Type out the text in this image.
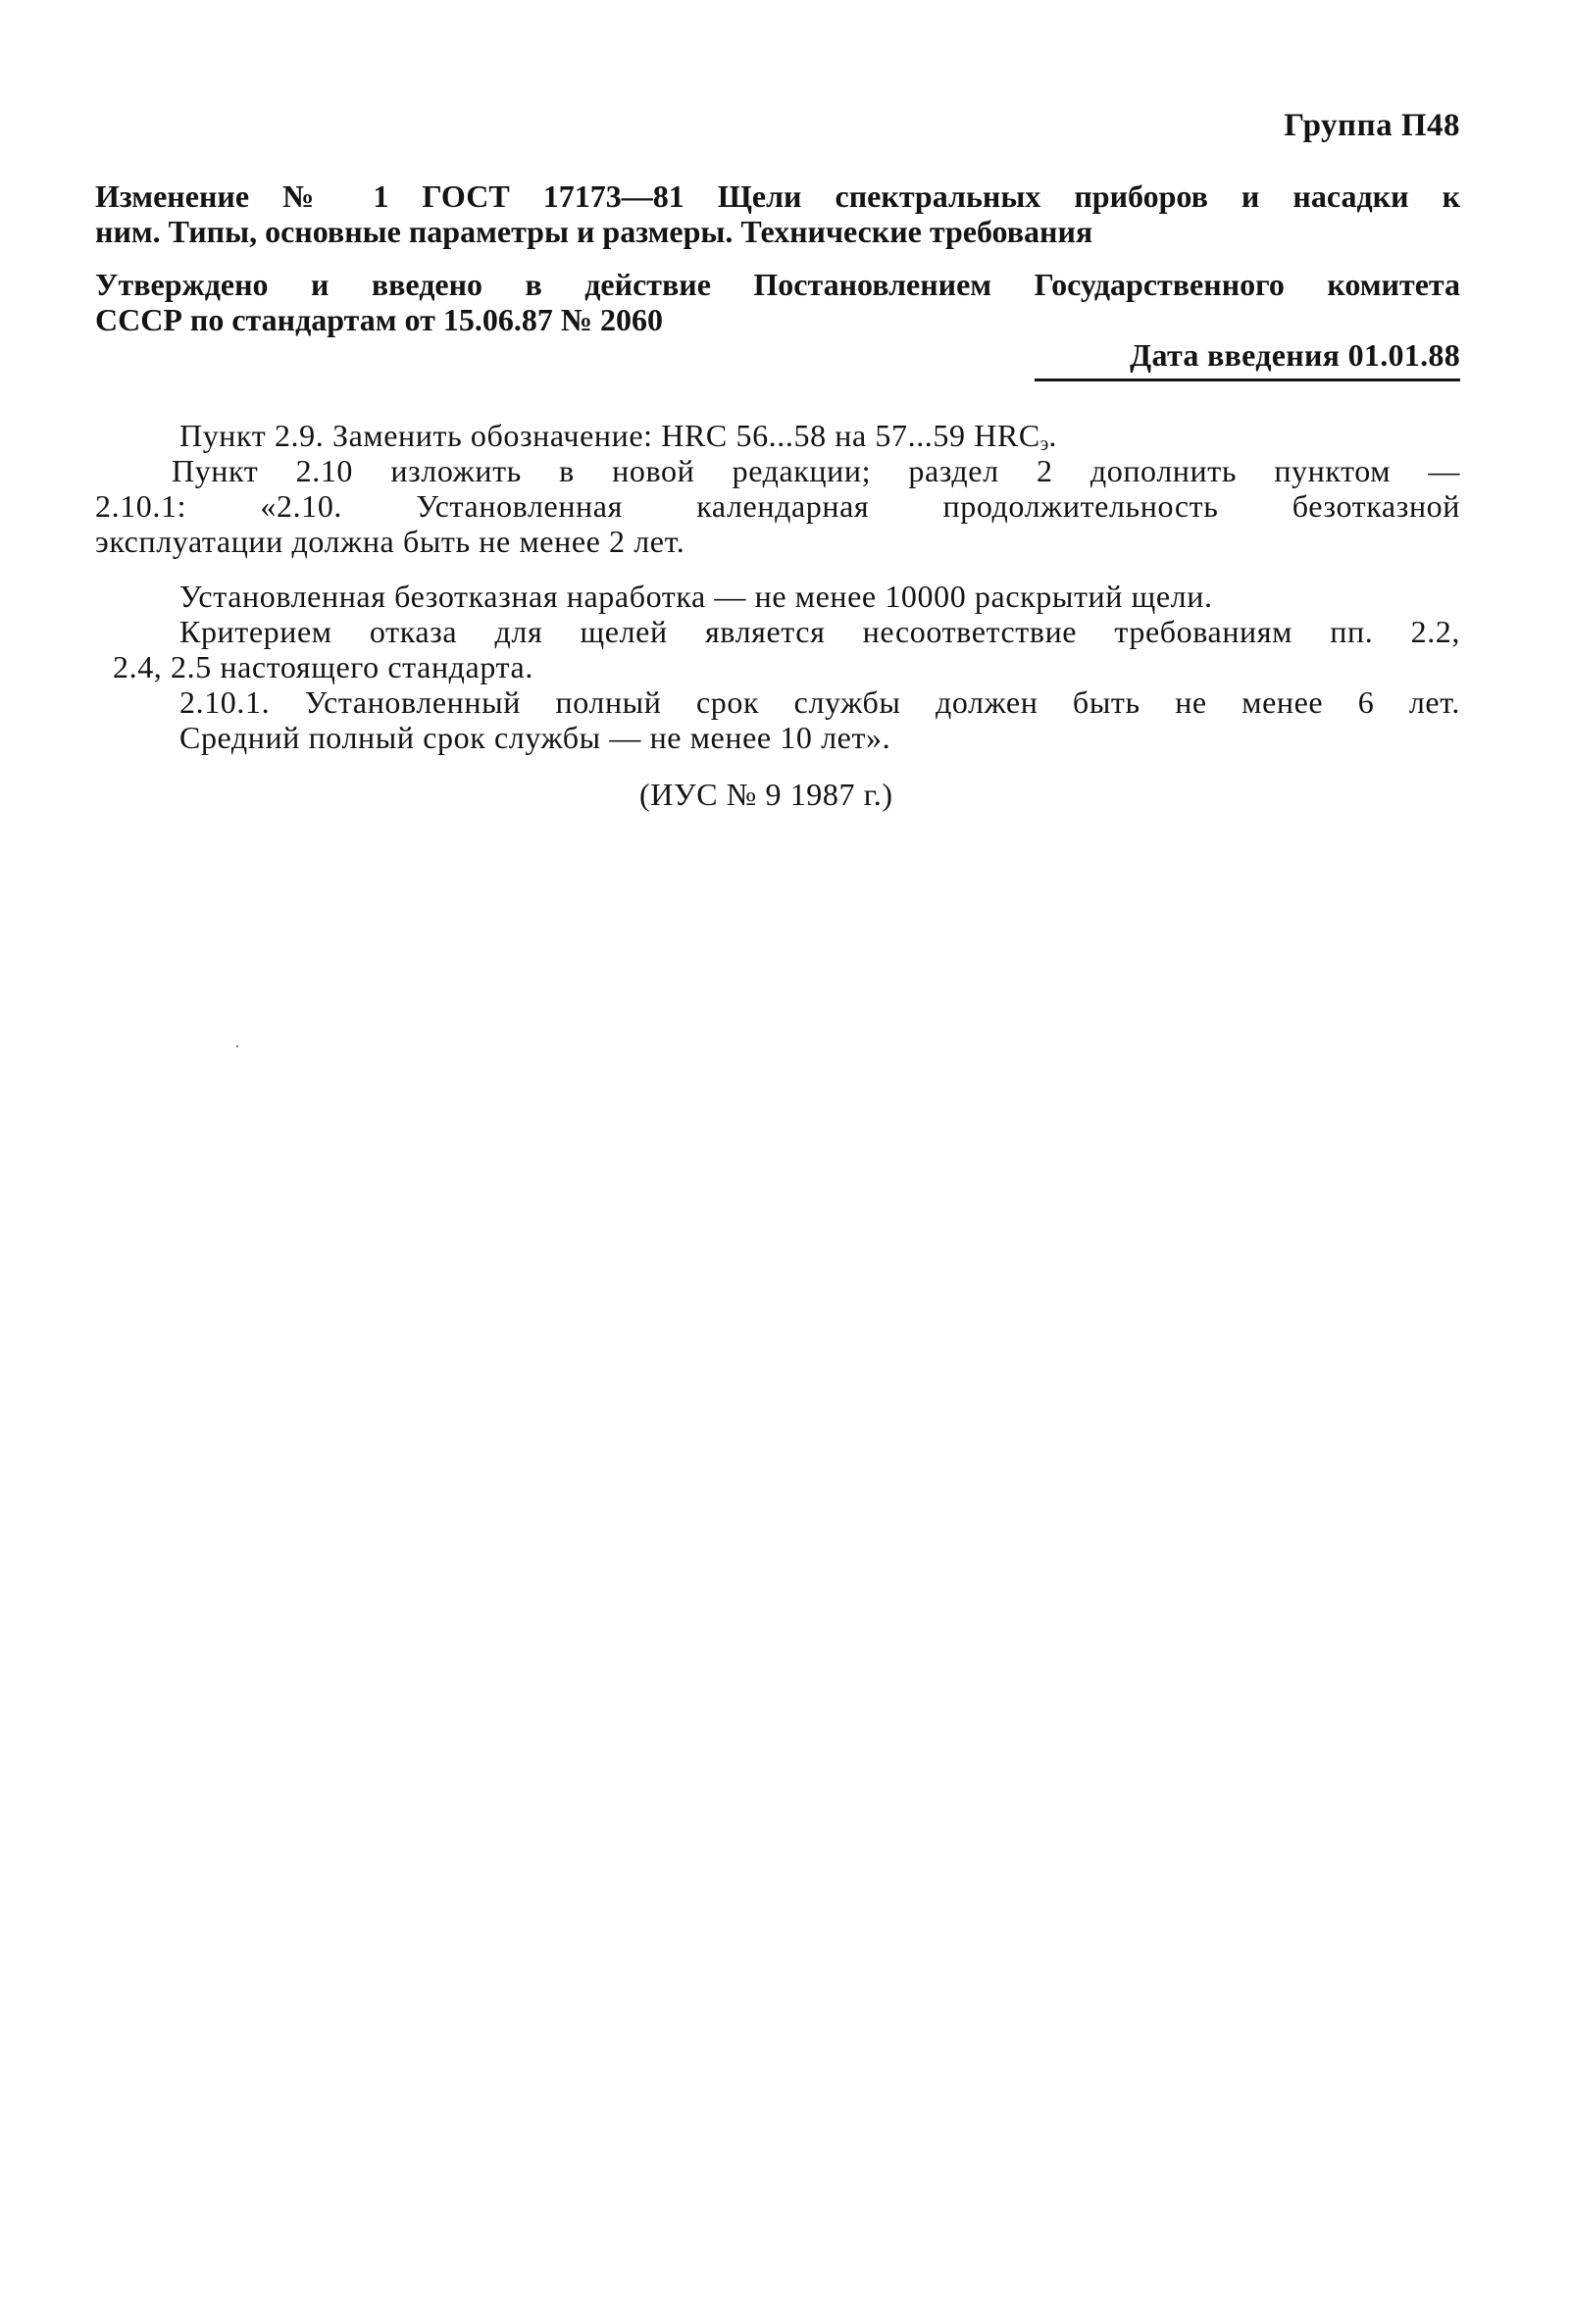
Группа П48
Изменение № 1 ГОСТ 17173—81 Щели спектральных приборов и насадки к
ним. Типы, основные параметры и размеры. Технические требования
Утверждено и введено в действие Постановлением Государственного комитета
СССР по стандартам от 15.06.87 № 2060
Дата введения 01.01.88
Пункт 2.9. Заменить обозначение: HRC 56...58 на 57...59 $HRC_э$.
Пункт 2.10 изложить в новой редакции; раздел 2 дополнить пунктом —
2.10.1: «2.10. Установленная календарная продолжительность безотказной
эксплуатации должна быть не менее 2 лет.
Установленная безотказная наработка — не менее 10000 раскрытий щели.
Критерием отказа для щелей является несоответствие требованиям пп. 2.2,
2.4, 2.5 настоящего стандарта.
2.10.1. Установленный полный срок службы должен быть не менее 6 лет.
Средний полный срок службы — не менее 10 лет».
(ИУС № 9 1987 г.)
